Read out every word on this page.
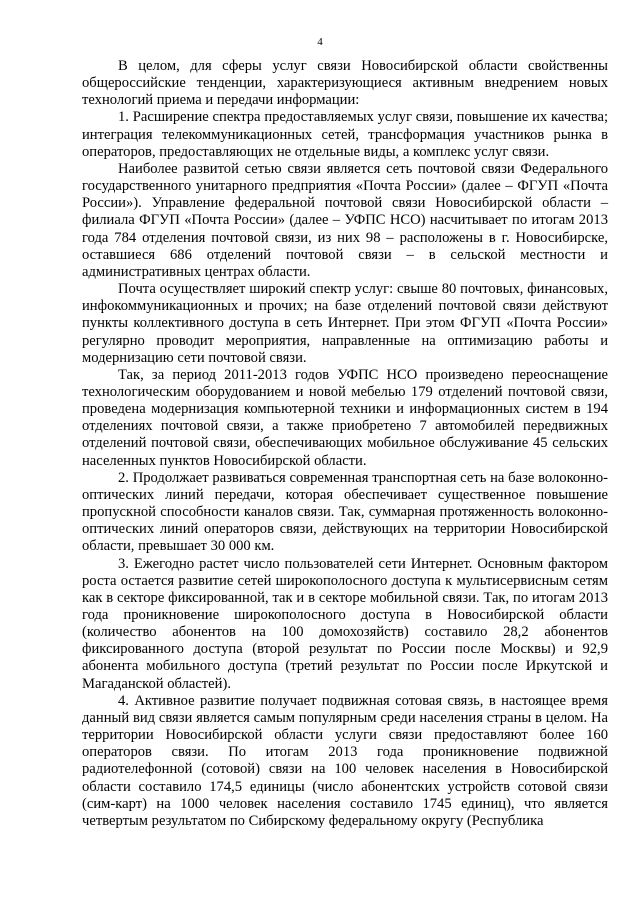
4

В целом, для сферы услуг связи Новосибирской области свойственны общероссийские тенденции, характеризующиеся активным внедрением новых технологий приема и передачи информации:

1. Расширение спектра предоставляемых услуг связи, повышение их качества; интеграция телекоммуникационных сетей, трансформация участников рынка в операторов, предоставляющих не отдельные виды, а комплекс услуг связи.

Наиболее развитой сетью связи является сеть почтовой связи Федерального государственного унитарного предприятия «Почта России» (далее – ФГУП «Почта России»). Управление федеральной почтовой связи Новосибирской области – филиала ФГУП «Почта России» (далее – УФПС НСО) насчитывает по итогам 2013 года 784 отделения почтовой связи, из них 98 – расположены в г. Новосибирске, оставшиеся 686 отделений почтовой связи – в сельской местности и административных центрах области.

Почта осуществляет широкий спектр услуг: свыше 80 почтовых, финансовых, инфокоммуникационных и прочих; на базе отделений почтовой связи действуют пункты коллективного доступа в сеть Интернет. При этом ФГУП «Почта России» регулярно проводит мероприятия, направленные на оптимизацию работы и модернизацию сети почтовой связи.

Так, за период 2011-2013 годов УФПС НСО произведено переоснащение технологическим оборудованием и новой мебелью 179 отделений почтовой связи, проведена модернизация компьютерной техники и информационных систем в 194 отделениях почтовой связи, а также приобретено 7 автомобилей передвижных отделений почтовой связи, обеспечивающих мобильное обслуживание 45 сельских населенных пунктов Новосибирской области.

2. Продолжает развиваться современная транспортная сеть на базе волоконно-оптических линий передачи, которая обеспечивает существенное повышение пропускной способности каналов связи. Так, суммарная протяженность волоконно-оптических линий операторов связи, действующих на территории Новосибирской области, превышает 30 000 км.

3. Ежегодно растет число пользователей сети Интернет. Основным фактором роста остается развитие сетей широкополосного доступа к мультисервисным сетям как в секторе фиксированной, так и в секторе мобильной связи. Так, по итогам 2013 года проникновение широкополосного доступа в Новосибирской области (количество абонентов на 100 домохозяйств) составило 28,2 абонентов фиксированного доступа (второй результат по России после Москвы) и 92,9 абонента мобильного доступа (третий результат по России после Иркутской и Магаданской областей).

4. Активное развитие получает подвижная сотовая связь, в настоящее время данный вид связи является самым популярным среди населения страны в целом. На территории Новосибирской области услуги связи предоставляют более 160 операторов связи. По итогам 2013 года проникновение подвижной радиотелефонной (сотовой) связи на 100 человек населения в Новосибирской области составило 174,5 единицы (число абонентских устройств сотовой связи (сим-карт) на 1000 человек населения составило 1745 единиц), что является четвертым результатом по Сибирскому федеральному округу (Республика
